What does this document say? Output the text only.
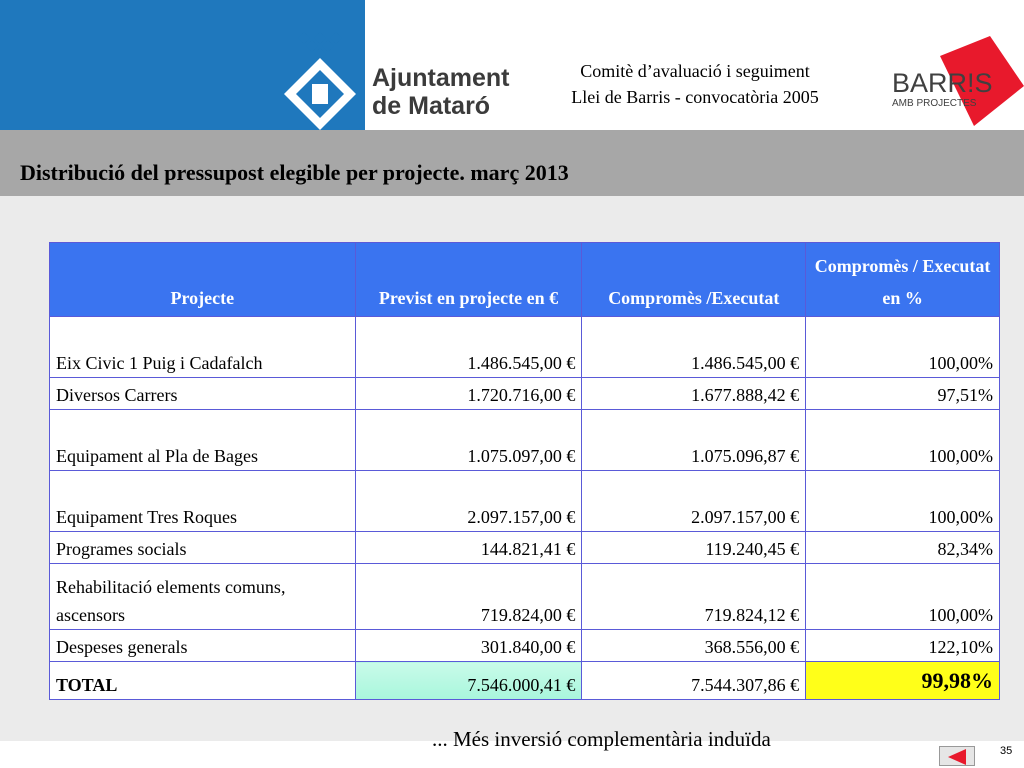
Ajuntament
de Mataró
Comitè d’avaluació i seguiment
Llei de Barris - convocatòria 2005	BARR!S
AMB PROJECTES
Distribució del pressupost elegible per projecte. març 2013
Projecte	Previst en projecte en €	Compromès /Executat	Compromès / Executat en %
Eix Civic 1 Puig i Cadafalch	1.486.545,00 €	1.486.545,00 €	100,00%
Diversos Carrers	1.720.716,00 €	1.677.888,42 €	97,51%
Equipament al Pla de Bages	1.075.097,00 €	1.075.096,87 €	100,00%
Equipament Tres Roques	2.097.157,00 €	2.097.157,00 €	100,00%
Programes socials	144.821,41 €	119.240,45 €	82,34%

Rehabilitació elements comuns,
ascensors	719.824,00 €	719.824,12 €	100,00%
Despeses generals	301.840,00 €	368.556,00 €	122,10%
TOTAL	7.546.000,41 €	7.544.307,86 €	99,98%
... Més inversió complementària induïda	35
